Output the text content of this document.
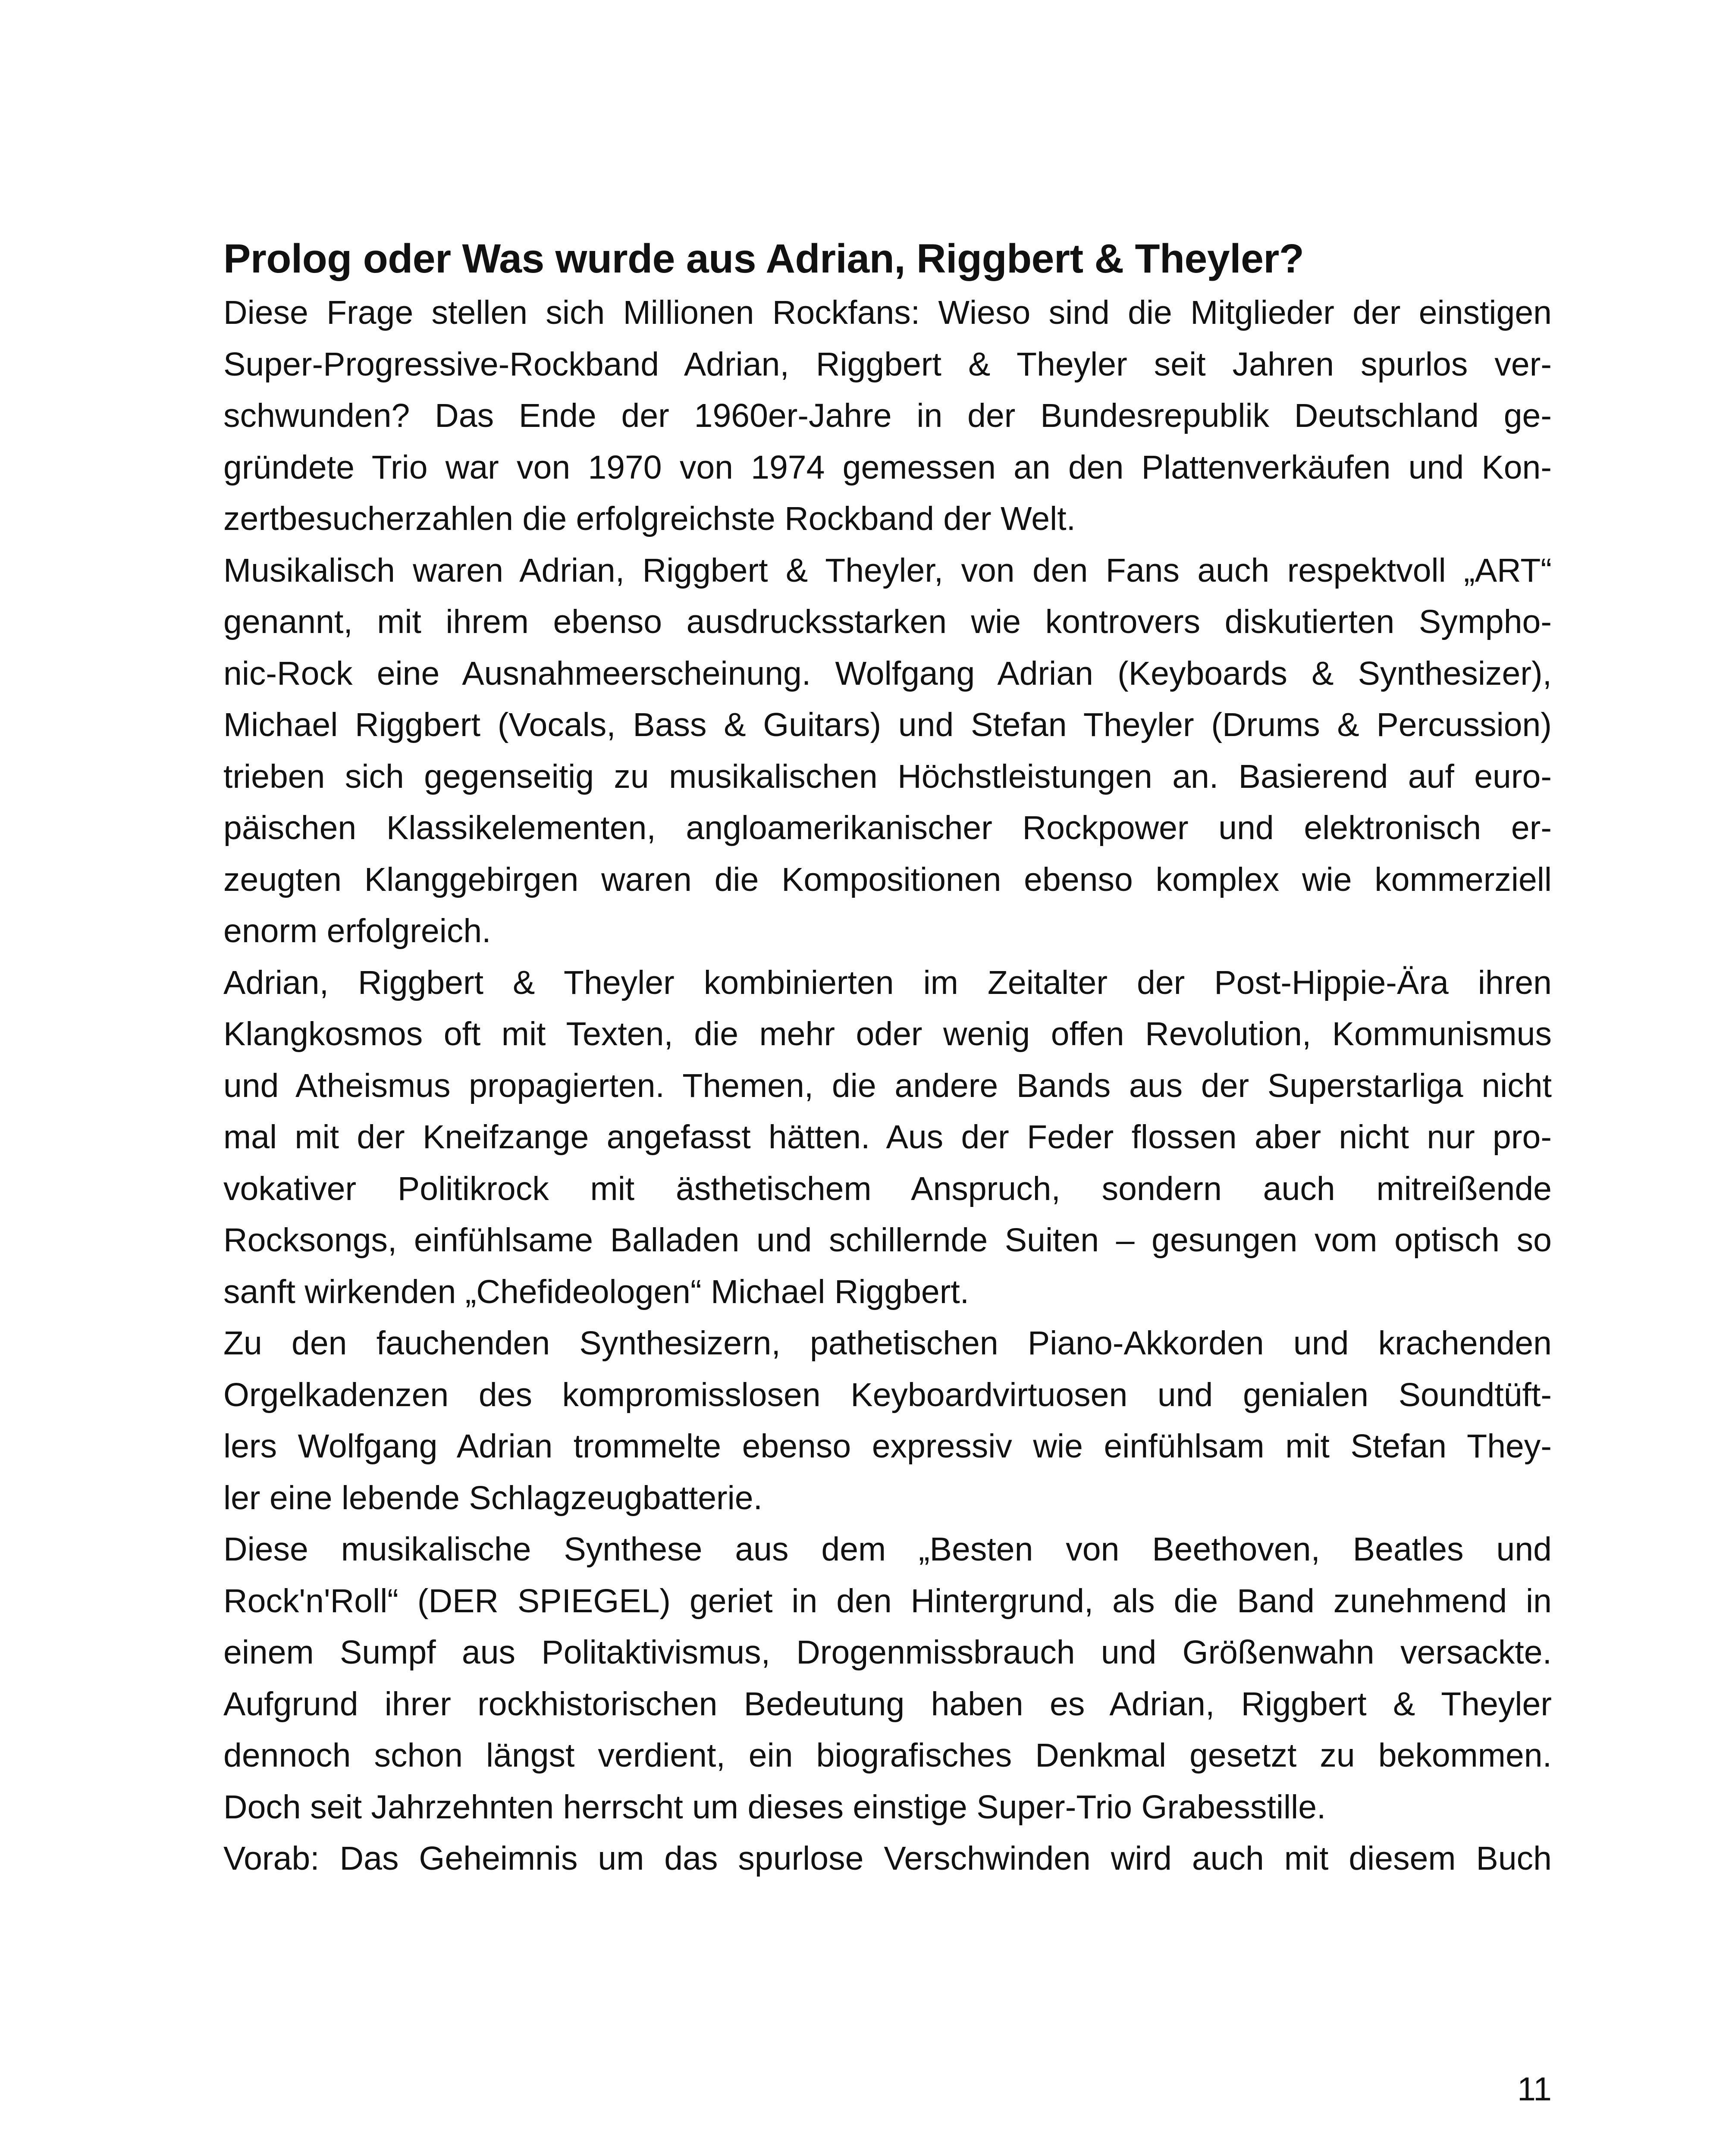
Prolog oder Was wurde aus Adrian, Riggbert & Theyler?

Diese Frage stellen sich Millionen Rockfans: Wieso sind die Mitglieder der einstigen
Super-Progressive-Rockband Adrian, Riggbert & Theyler seit Jahren spurlos ver-
schwunden? Das Ende der 1960er-Jahre in der Bundesrepublik Deutschland ge-
gründete Trio war von 1970 von 1974 gemessen an den Plattenverkäufen und Kon-
zertbesucherzahlen die erfolgreichste Rockband der Welt.

Musikalisch waren Adrian, Riggbert & Theyler, von den Fans auch respektvoll „ART“
genannt, mit ihrem ebenso ausdrucksstarken wie kontrovers diskutierten Sympho-
nic-Rock eine Ausnahmeerscheinung. Wolfgang Adrian (Keyboards & Synthesizer),
Michael Riggbert (Vocals, Bass & Guitars) und Stefan Theyler (Drums & Percussion)
trieben sich gegenseitig zu musikalischen Höchstleistungen an. Basierend auf euro-
päischen Klassikelementen, angloamerikanischer Rockpower und elektronisch er-
zeugten Klanggebirgen waren die Kompositionen ebenso komplex wie kommerziell
enorm erfolgreich.

Adrian, Riggbert & Theyler kombinierten im Zeitalter der Post-Hippie-Ära ihren
Klangkosmos oft mit Texten, die mehr oder wenig offen Revolution, Kommunismus
und Atheismus propagierten. Themen, die andere Bands aus der Superstarliga nicht
mal mit der Kneifzange angefasst hätten. Aus der Feder flossen aber nicht nur pro-
vokativer Politikrock mit ästhetischem Anspruch, sondern auch mitreißende
Rocksongs, einfühlsame Balladen und schillernde Suiten – gesungen vom optisch so
sanft wirkenden „Chefideologen“ Michael Riggbert.

Zu den fauchenden Synthesizern, pathetischen Piano-Akkorden und krachenden
Orgelkadenzen des kompromisslosen Keyboardvirtuosen und genialen Soundtüft-
lers Wolfgang Adrian trommelte ebenso expressiv wie einfühlsam mit Stefan They-
ler eine lebende Schlagzeugbatterie.

Diese musikalische Synthese aus dem „Besten von Beethoven, Beatles und
Rock'n'Roll“ (DER SPIEGEL) geriet in den Hintergrund, als die Band zunehmend in
einem Sumpf aus Politaktivismus, Drogenmissbrauch und Größenwahn versackte.
Aufgrund ihrer rockhistorischen Bedeutung haben es Adrian, Riggbert & Theyler
dennoch schon längst verdient, ein biografisches Denkmal gesetzt zu bekommen.
Doch seit Jahrzehnten herrscht um dieses einstige Super-Trio Grabesstille.

Vorab: Das Geheimnis um das spurlose Verschwinden wird auch mit diesem Buch

11
